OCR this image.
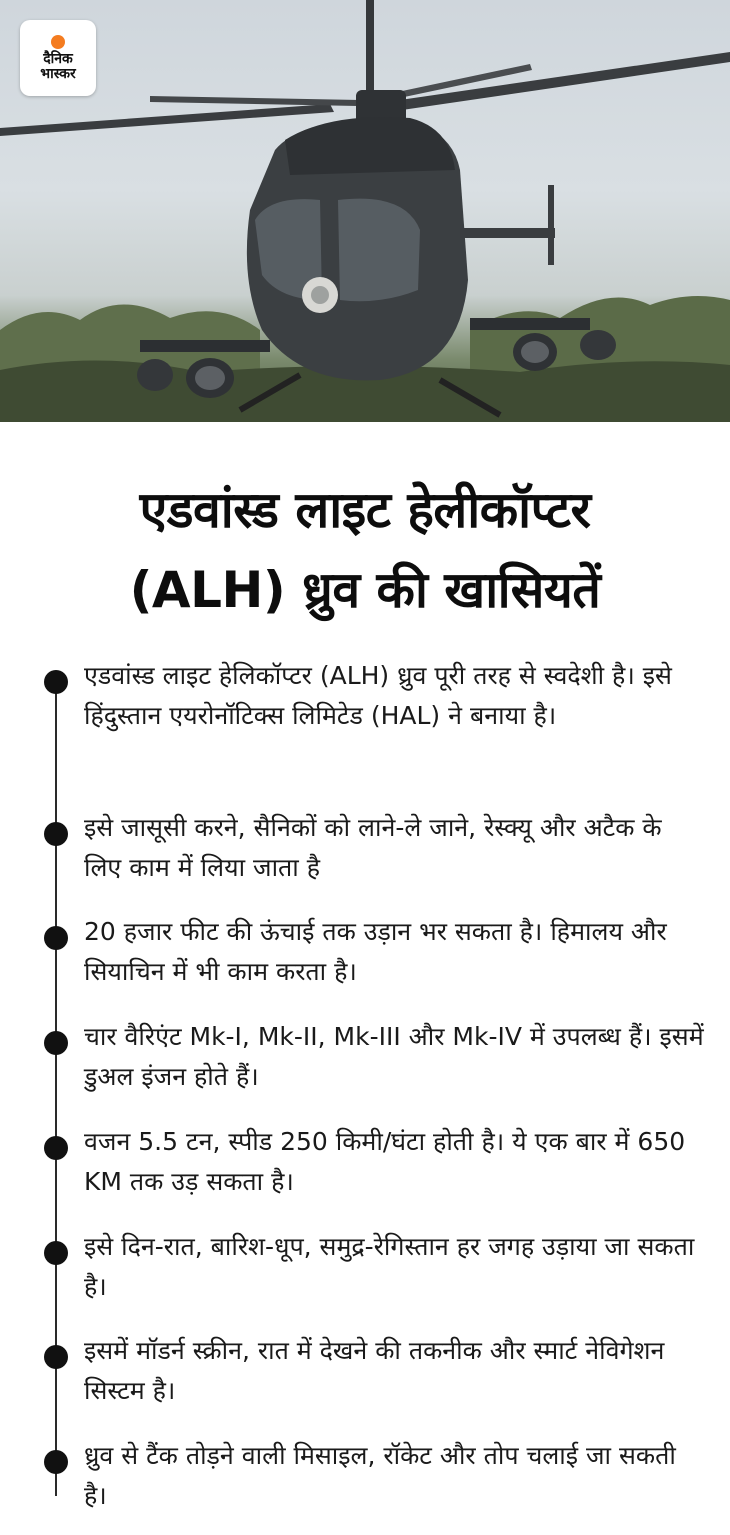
दैनिक
भास्कर
एडवांस्ड लाइट हेलीकॉप्टर
(ALH) ध्रुव की खासियतें

एडवांस्ड लाइट हेलिकॉप्टर (ALH) ध्रुव पूरी तरह से स्वदेशी है। इसे हिंदुस्तान एयरोनॉटिक्स लिमिटेड (HAL) ने बनाया है।

इसे जासूसी करने, सैनिकों को लाने-ले जाने, रेस्क्यू और अटैक के लिए काम में लिया जाता है

20 हजार फीट की ऊंचाई तक उड़ान भर सकता है। हिमालय और सियाचिन में भी काम करता है।

चार वैरिएंट Mk-I, Mk-II, Mk-III और Mk-IV में उपलब्ध हैं। इसमें डुअल इंजन होते हैं।

वजन 5.5 टन, स्पीड 250 किमी/घंटा होती है। ये एक बार में 650 KM तक उड़ सकता है।

इसे दिन-रात, बारिश-धूप, समुद्र-रेगिस्तान हर जगह उड़ाया जा सकता है।

इसमें मॉडर्न स्क्रीन, रात में देखने की तकनीक और स्मार्ट नेविगेशन सिस्टम है।

ध्रुव से टैंक तोड़ने वाली मिसाइल, रॉकेट और तोप चलाई जा सकती है।
